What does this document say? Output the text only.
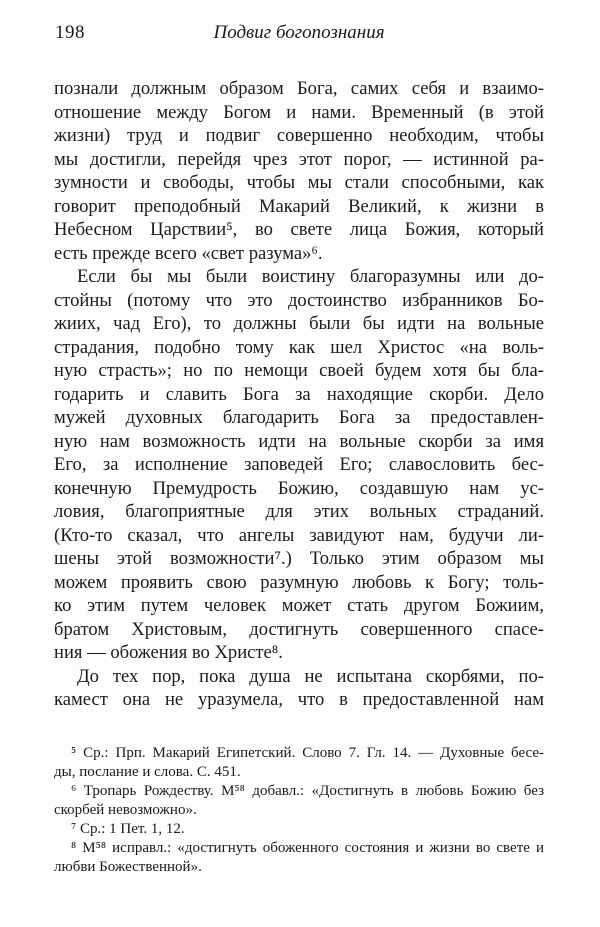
198	Подвиг богопознания
познали должным образом Бога, самих себя и взаимо-
отношение между Богом и нами. Временный (в этой
жизни) труд и подвиг совершенно необходим, чтобы
мы достигли, перейдя чрез этот порог, — истинной ра-
зумности и свободы, чтобы мы стали способными, как
говорит преподобный Макарий Великий, к жизни в
Небесном Царствии⁵, во свете лица Божия, который
есть прежде всего «свет разума»⁶.
Если бы мы были воистину благоразумны или до-
стойны (потому что это достоинство избранников Бо-
жиих, чад Его), то должны были бы идти на вольные
страдания, подобно тому как шел Христос «на воль-
ную страсть»; но по немощи своей будем хотя бы бла-
годарить и славить Бога за находящие скорби. Дело
мужей духовных благодарить Бога за предоставлен-
ную нам возможность идти на вольные скорби за имя
Его, за исполнение заповедей Его; славословить бес-
конечную Премудрость Божию, создавшую нам ус-
ловия, благоприятные для этих вольных страданий.
(Кто-то сказал, что ангелы завидуют нам, будучи ли-
шены этой возможности⁷.) Только этим образом мы
можем проявить свою разумную любовь к Богу; толь-
ко этим путем человек может стать другом Божиим,
братом Христовым, достигнуть совершенного спасе-
ния — обожения во Христе⁸.
До тех пор, пока душа не испытана скорбями, по-
камест она не уразумела, что в предоставленной нам
⁵ Ср.: Прп. Макарий Египетский. Слово 7. Гл. 14. — Духовные бесе-
ды, послание и слова. С. 451.
⁶ Тропарь Рождеству. М⁵⁸ добавл.: «Достигнуть в любовь Божию без
скорбей невозможно».
⁷ Ср.: 1 Пет. 1, 12.
⁸ М⁵⁸ исправл.: «достигнуть обоженного состояния и жизни во свете и
любви Божественной».
